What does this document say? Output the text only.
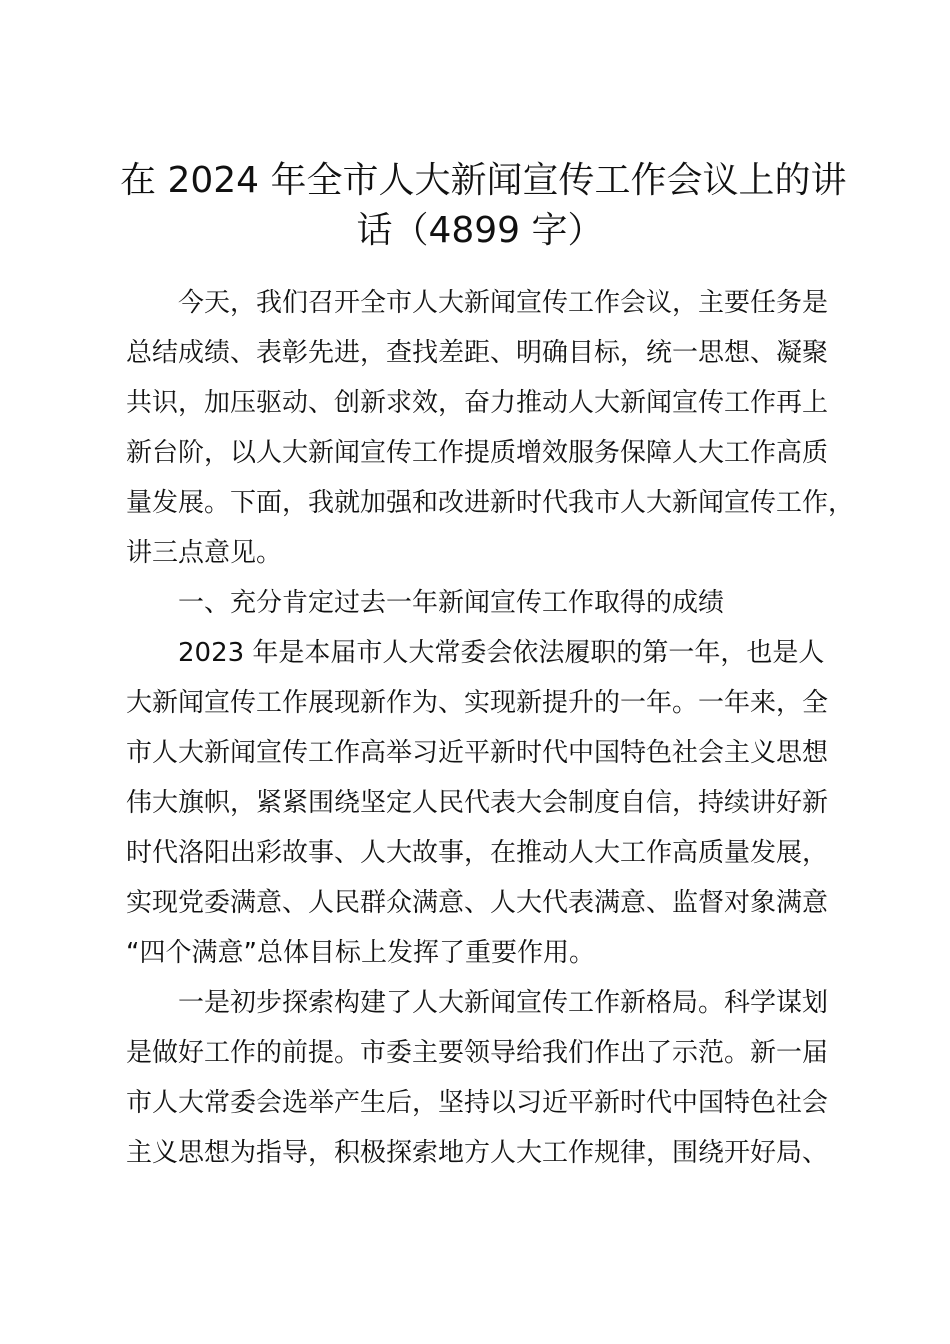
在 2024 年全市人大新闻宣传工作会议上的讲
话（4899 字）

今天，我们召开全市人大新闻宣传工作会议，主要任务是

总结成绩、表彰先进，查找差距、明确目标，统一思想、凝聚

共识，加压驱动、创新求效，奋力推动人大新闻宣传工作再上

新台阶，以人大新闻宣传工作提质增效服务保障人大工作高质

量发展。下面，我就加强和改进新时代我市人大新闻宣传工作，

讲三点意见。

一、充分肯定过去一年新闻宣传工作取得的成绩

2023 年是本届市人大常委会依法履职的第一年，也是人

大新闻宣传工作展现新作为、实现新提升的一年。一年来，全

市人大新闻宣传工作高举习近平新时代中国特色社会主义思想

伟大旗帜，紧紧围绕坚定人民代表大会制度自信，持续讲好新

时代洛阳出彩故事、人大故事，在推动人大工作高质量发展，

实现党委满意、人民群众满意、人大代表满意、监督对象满意

“四个满意”总体目标上发挥了重要作用。

一是初步探索构建了人大新闻宣传工作新格局。科学谋划

是做好工作的前提。市委主要领导给我们作出了示范。新一届

市人大常委会选举产生后，坚持以习近平新时代中国特色社会

主义思想为指导，积极探索地方人大工作规律，围绕开好局、
